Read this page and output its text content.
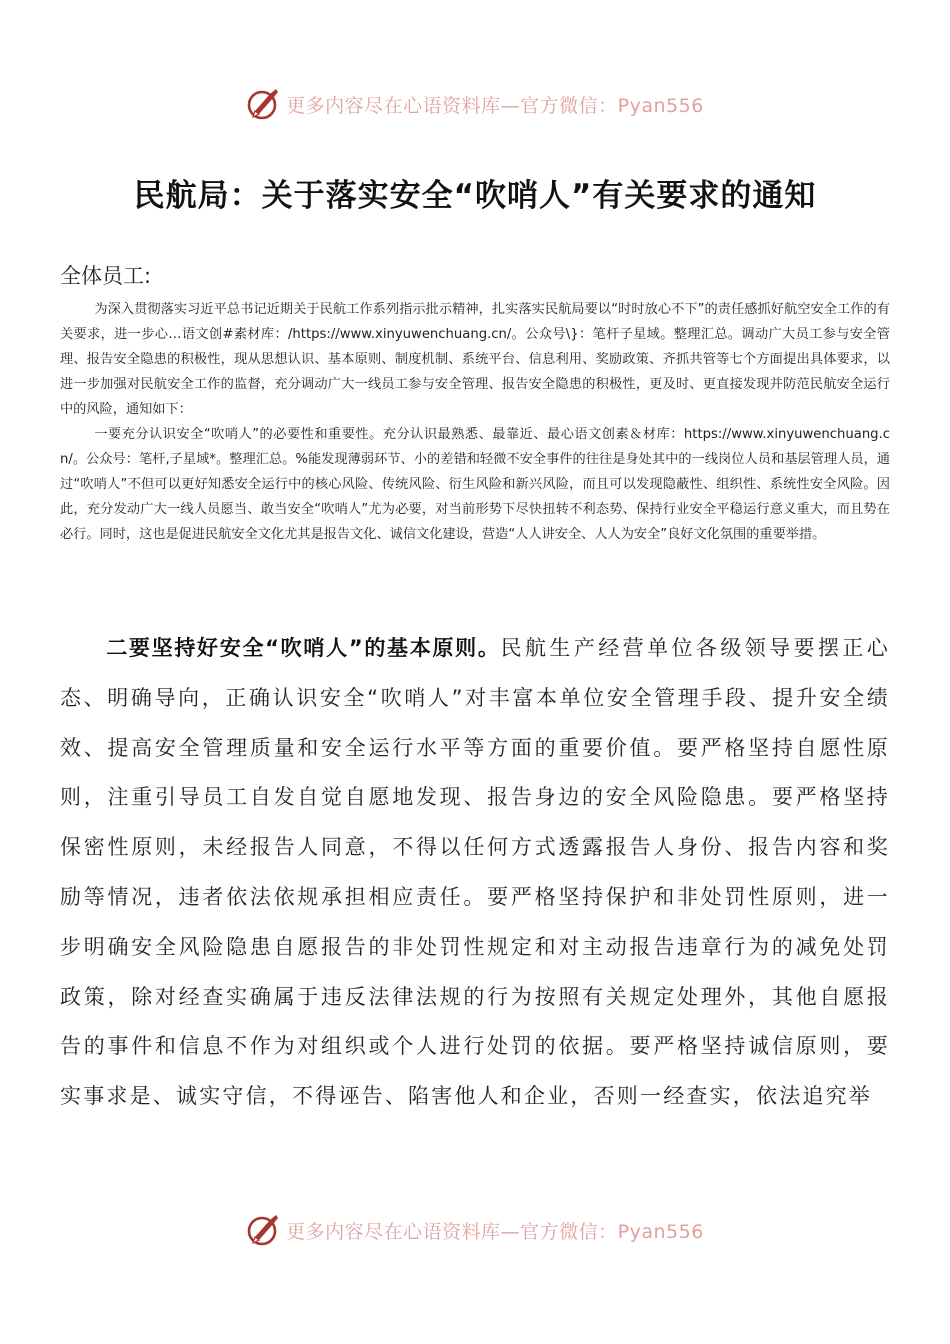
更多内容尽在心语资料库—官方微信：Pyan556
民航局：关于落实安全“吹哨人”有关要求的通知
全体员工:

为深入贯彻落实习近平总书记近期关于民航工作系列指示批示精神，扎实落实民航局要以“时时放心不下”的责任感抓好航空安全工作的有关要求，进一步心…语文创#素材库：/https://www.xinyuwenchuang.cn/。公众号\}：笔杆子星域。整理汇总。调动广大员工参与安全管理、报告安全隐患的积极性，现从思想认识、基本原则、制度机制、系统平台、信息利用、奖励政策、齐抓共管等七个方面提出具体要求，以进一步加强对民航安全工作的监督，充分调动广大一线员工参与安全管理、报告安全隐患的积极性，更及时、更直接发现并防范民航安全运行中的风险，通知如下：

一要充分认识安全“吹哨人”的必要性和重要性。充分认识最熟悉、最靠近、最心语文创素＆材库：https://www.xinyuwenchuang.cn/。公众号：笔杆,子星域*。整理汇总。%能发现薄弱环节、小的差错和轻微不安全事件的往往是身处其中的一线岗位人员和基层管理人员，通过“吹哨人”不但可以更好知悉安全运行中的核心风险、传统风险、衍生风险和新兴风险，而且可以发现隐蔽性、组织性、系统性安全风险。因此，充分发动广大一线人员愿当、敢当安全“吹哨人”尤为必要，对当前形势下尽快扭转不利态势、保持行业安全平稳运行意义重大，而且势在必行。同时，这也是促进民航安全文化尤其是报告文化、诚信文化建设，营造“人人讲安全、人人为安全”良好文化氛围的重要举措。

二要坚持好安全“吹哨人”的基本原则。民航生产经营单位各级领导要摆正心态、明确导向，正确认识安全“吹哨人”对丰富本单位安全管理手段、提升安全绩效、提高安全管理质量和安全运行水平等方面的重要价值。要严格坚持自愿性原则，注重引导员工自发自觉自愿地发现、报告身边的安全风险隐患。要严格坚持保密性原则，未经报告人同意，不得以任何方式透露报告人身份、报告内容和奖励等情况，违者依法依规承担相应责任。要严格坚持保护和非处罚性原则，进一步明确安全风险隐患自愿报告的非处罚性规定和对主动报告违章行为的减免处罚政策，除对经查实确属于违反法律法规的行为按照有关规定处理外，其他自愿报告的事件和信息不作为对组织或个人进行处罚的依据。要严格坚持诚信原则，要实事求是、诚实守信，不得诬告、陷害他人和企业，否则一经查实，依法追究举

更多内容尽在心语资料库—官方微信：Pyan556
